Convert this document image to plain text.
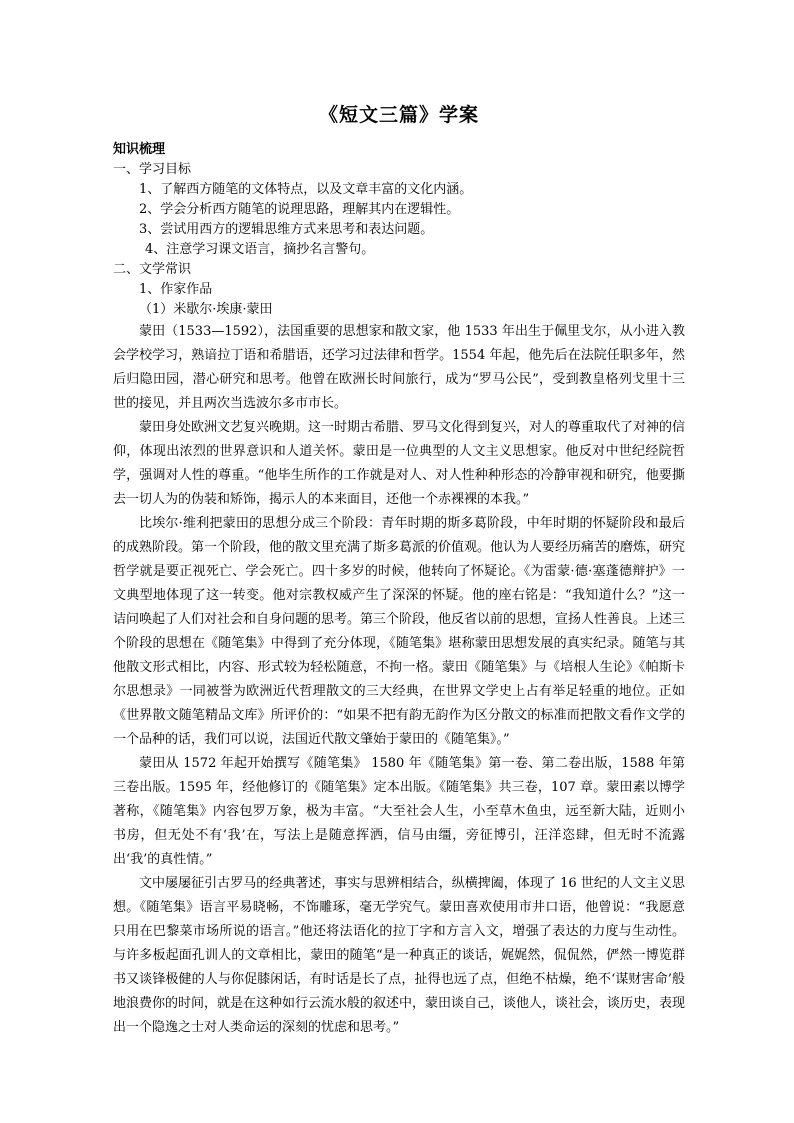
《短文三篇》学案

知识梳理

一、学习目标

1、了解西方随笔的文体特点，以及文章丰富的文化内涵。

2、学会分析西方随笔的说理思路，理解其内在逻辑性。

3、尝试用西方的逻辑思维方式来思考和表达问题。

4、注意学习课文语言，摘抄名言警句。

二、文学常识

1、作家作品

（1）米歇尔·埃康·蒙田

蒙田（1533—1592），法国重要的思想家和散文家，他 1533 年出生于佩里戈尔，从小进入教会学校学习，熟谙拉丁语和希腊语，还学习过法律和哲学。1554 年起，他先后在法院任职多年，然后归隐田园，潜心研究和思考。他曾在欧洲长时间旅行，成为“罗马公民”，受到教皇格列戈里十三世的接见，并且两次当选波尔多市市长。

蒙田身处欧洲文艺复兴晚期。这一时期古希腊、罗马文化得到复兴，对人的尊重取代了对神的信仰，体现出浓烈的世界意识和人道关怀。蒙田是一位典型的人文主义思想家。他反对中世纪经院哲学，强调对人性的尊重。“他毕生所作的工作就是对人、对人性种种形态的冷静审视和研究，他要撕去一切人为的伪装和矫饰，揭示人的本来面目，还他一个赤裸裸的本我。”

比埃尔·维利把蒙田的思想分成三个阶段：青年时期的斯多葛阶段，中年时期的怀疑阶段和最后的成熟阶段。第一个阶段，他的散文里充满了斯多葛派的价值观。他认为人要经历痛苦的磨炼，研究哲学就是要正视死亡、学会死亡。四十多岁的时候，他转向了怀疑论。《为雷蒙·德·塞蓬德辩护》一文典型地体现了这一转变。他对宗教权威产生了深深的怀疑。他的座右铭是：“我知道什么？”这一诘问唤起了人们对社会和自身问题的思考。第三个阶段，他反省以前的思想，宣扬人性善良。上述三个阶段的思想在《随笔集》中得到了充分体现，《随笔集》堪称蒙田思想发展的真实纪录。随笔与其他散文形式相比，内容、形式较为轻松随意，不拘一格。蒙田《随笔集》与《培根人生论》《帕斯卡尔思想录》一同被誉为欧洲近代哲理散文的三大经典，在世界文学史上占有举足轻重的地位。正如《世界散文随笔精品文库》所评价的：“如果不把有韵无韵作为区分散文的标准而把散文看作文学的一个品种的话，我们可以说，法国近代散文肇始于蒙田的《随笔集》。”

蒙田从 1572 年起开始撰写《随笔集》 1580 年《随笔集》第一卷、第二卷出版，1588 年第三卷出版。1595 年，经他修订的《随笔集》定本出版。《随笔集》共三卷，107 章。蒙田素以博学著称，《随笔集》内容包罗万象，极为丰富。“大至社会人生，小至草木鱼虫，远至新大陆，近则小书房，但无处不有‘我’在，写法上是随意挥洒，信马由缰，旁征博引，汪洋恣肆，但无时不流露出‘我’的真性情。”

文中屡屡征引古罗马的经典著述，事实与思辨相结合，纵横捭阖，体现了 16 世纪的人文主义思想。《随笔集》语言平易晓畅，不饰雕琢，毫无学究气。蒙田喜欢使用市井口语，他曾说：“我愿意只用在巴黎菜市场所说的语言。”他还将法语化的拉丁字和方言入文，增强了表达的力度与生动性。与许多板起面孔训人的文章相比，蒙田的随笔“是一种真正的谈话，娓娓然，侃侃然，俨然一博览群书又谈锋极健的人与你促膝闲话，有时话是长了点，扯得也远了点，但绝不枯燥，绝不‘谋财害命’般地浪费你的时间，就是在这种如行云流水般的叙述中，蒙田谈自己，谈他人，谈社会，谈历史，表现出一个隐逸之士对人类命运的深刻的忧虑和思考。”
